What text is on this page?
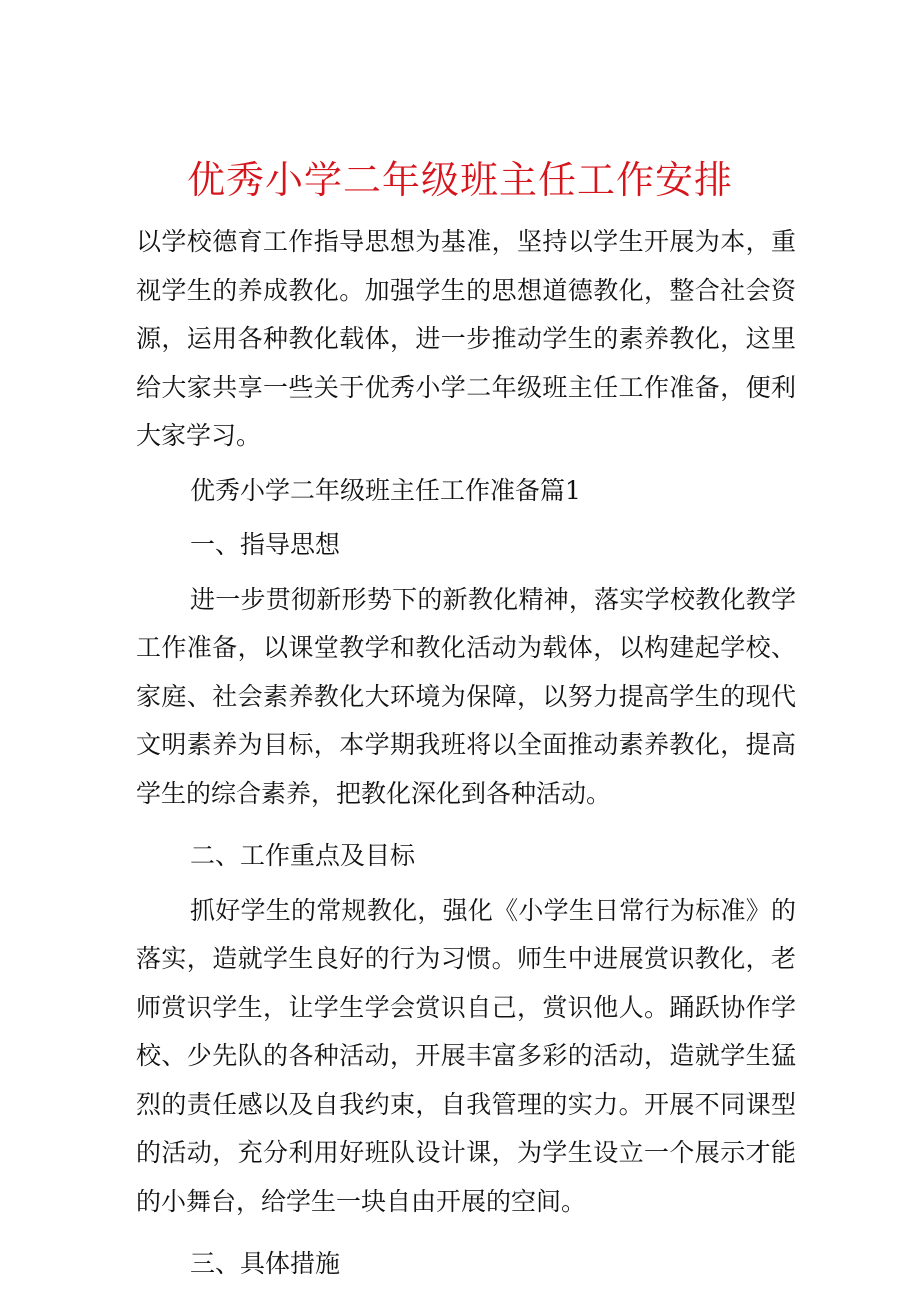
优秀小学二年级班主任工作安排

以学校德育工作指导思想为基准，坚持以学生开展为本，重视学生的养成教化。加强学生的思想道德教化，整合社会资源，运用各种教化载体，进一步推动学生的素养教化，这里给大家共享一些关于优秀小学二年级班主任工作准备，便利大家学习。

优秀小学二年级班主任工作准备篇1

一、指导思想

进一步贯彻新形势下的新教化精神，落实学校教化教学工作准备，以课堂教学和教化活动为载体，以构建起学校、家庭、社会素养教化大环境为保障，以努力提高学生的现代文明素养为目标，本学期我班将以全面推动素养教化，提高学生的综合素养，把教化深化到各种活动。

二、工作重点及目标

抓好学生的常规教化，强化《小学生日常行为标准》的落实，造就学生良好的行为习惯。师生中进展赏识教化，老师赏识学生，让学生学会赏识自己，赏识他人。踊跃协作学校、少先队的各种活动，开展丰富多彩的活动，造就学生猛烈的责任感以及自我约束，自我管理的实力。开展不同课型的活动，充分利用好班队设计课，为学生设立一个展示才能的小舞台，给学生一块自由开展的空间。

三、具体措施
